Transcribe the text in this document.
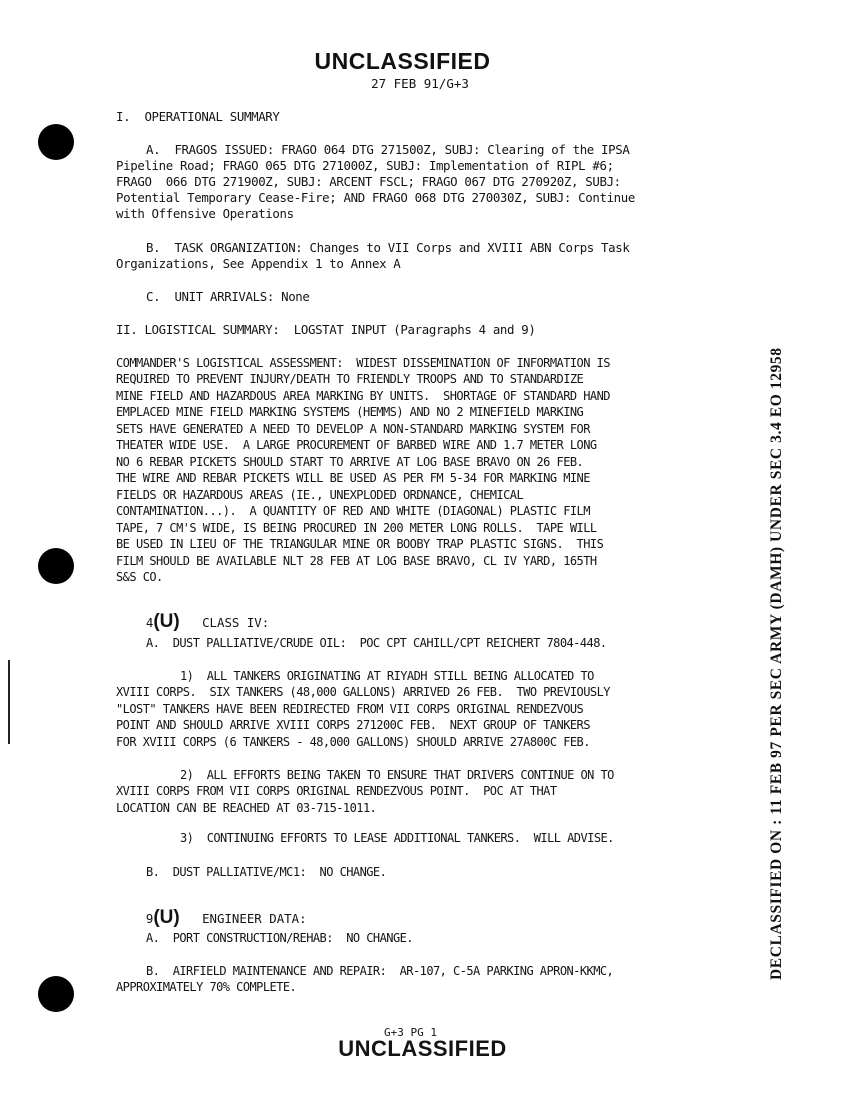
UNCLASSIFIED
27 FEB 91/G+3
I.  OPERATIONAL SUMMARY
A.  FRAGOS ISSUED: FRAGO 064 DTG 271500Z, SUBJ: Clearing of the IPSA
Pipeline Road; FRAGO 065 DTG 271000Z, SUBJ: Implementation of RIPL #6;
FRAGO  066 DTG 271900Z, SUBJ: ARCENT FSCL; FRAGO 067 DTG 270920Z, SUBJ:
Potential Temporary Cease-Fire; AND FRAGO 068 DTG 270030Z, SUBJ: Continue
with Offensive Operations
B.  TASK ORGANIZATION: Changes to VII Corps and XVIII ABN Corps Task
Organizations, See Appendix 1 to Annex A
C.  UNIT ARRIVALS: None
II. LOGISTICAL SUMMARY:  LOGSTAT INPUT (Paragraphs 4 and 9)
COMMANDER'S LOGISTICAL ASSESSMENT:  WIDEST DISSEMINATION OF INFORMATION IS
REQUIRED TO PREVENT INJURY/DEATH TO FRIENDLY TROOPS AND TO STANDARDIZE
MINE FIELD AND HAZARDOUS AREA MARKING BY UNITS.  SHORTAGE OF STANDARD HAND
EMPLACED MINE FIELD MARKING SYSTEMS (HEMMS) AND NO 2 MINEFIELD MARKING
SETS HAVE GENERATED A NEED TO DEVELOP A NON-STANDARD MARKING SYSTEM FOR
THEATER WIDE USE.  A LARGE PROCUREMENT OF BARBED WIRE AND 1.7 METER LONG
NO 6 REBAR PICKETS SHOULD START TO ARRIVE AT LOG BASE BRAVO ON 26 FEB.
THE WIRE AND REBAR PICKETS WILL BE USED AS PER FM 5-34 FOR MARKING MINE
FIELDS OR HAZARDOUS AREAS (IE., UNEXPLODED ORDNANCE, CHEMICAL
CONTAMINATION...).  A QUANTITY OF RED AND WHITE (DIAGONAL) PLASTIC FILM
TAPE, 7 CM'S WIDE, IS BEING PROCURED IN 200 METER LONG ROLLS.  TAPE WILL
BE USED IN LIEU OF THE TRIANGULAR MINE OR BOOBY TRAP PLASTIC SIGNS.  THIS
FILM SHOULD BE AVAILABLE NLT 28 FEB AT LOG BASE BRAVO, CL IV YARD, 165TH
S&S CO.

4(U) CLASS IV:

A.  DUST PALLIATIVE/CRUDE OIL:  POC CPT CAHILL/CPT REICHERT 7804-448.
1)  ALL TANKERS ORIGINATING AT RIYADH STILL BEING ALLOCATED TO
XVIII CORPS.  SIX TANKERS (48,000 GALLONS) ARRIVED 26 FEB.  TWO PREVIOUSLY
"LOST" TANKERS HAVE BEEN REDIRECTED FROM VII CORPS ORIGINAL RENDEZVOUS
POINT AND SHOULD ARRIVE XVIII CORPS 271200C FEB.  NEXT GROUP OF TANKERS
FOR XVIII CORPS (6 TANKERS - 48,000 GALLONS) SHOULD ARRIVE 27A800C FEB.
2)  ALL EFFORTS BEING TAKEN TO ENSURE THAT DRIVERS CONTINUE ON TO
XVIII CORPS FROM VII CORPS ORIGINAL RENDEZVOUS POINT.  POC AT THAT
LOCATION CAN BE REACHED AT 03-715-1011.
3)  CONTINUING EFFORTS TO LEASE ADDITIONAL TANKERS.  WILL ADVISE.
B.  DUST PALLIATIVE/MC1:  NO CHANGE.

9(U) ENGINEER DATA:

A.  PORT CONSTRUCTION/REHAB:  NO CHANGE.
B.  AIRFIELD MAINTENANCE AND REPAIR:  AR-107, C-5A PARKING APRON-KKMC,
APPROXIMATELY 70% COMPLETE.
G+3 PG 1
UNCLASSIFIED
DECLASSIFIED ON : 11 FEB 97 PER SEC ARMY (DAMH) UNDER SEC 3.4 EO 12958
